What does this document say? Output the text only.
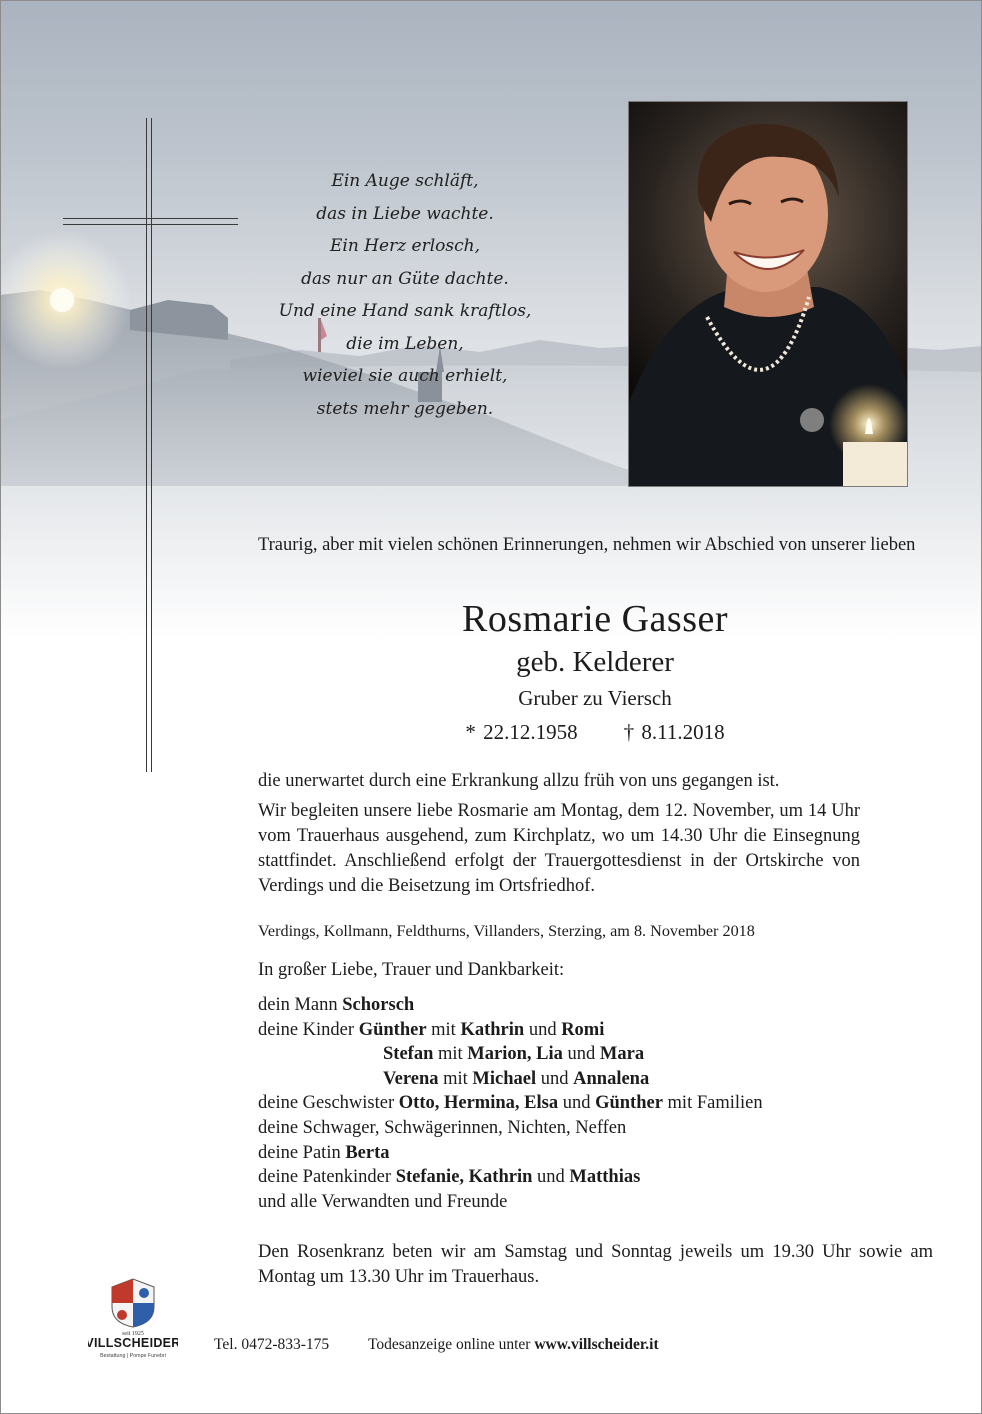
Ein Auge schläft,
das in Liebe wachte.
Ein Herz erlosch,
das nur an Güte dachte.
Und eine Hand sank kraftlos,
die im Leben,
wieviel sie auch erhielt,
stets mehr gegeben.
Traurig, aber mit vielen schönen Erinnerungen, nehmen wir Abschied von unserer lieben
Rosmarie Gasser
geb. Kelderer
Gruber zu Viersch
* 22.12.1958 † 8.11.2018
die unerwartet durch eine Erkrankung allzu früh von uns gegangen ist.
Wir begleiten unsere liebe Rosmarie am Montag, dem 12. November, um 14 Uhr vom Trauerhaus ausgehend, zum Kirchplatz, wo um 14.30 Uhr die Einsegnung stattfindet. Anschließend erfolgt der Trauergottesdienst in der Ortskirche von Verdings und die Beisetzung im Ortsfriedhof.
Verdings, Kollmann, Feldthurns, Villanders, Sterzing, am 8. November 2018
In großer Liebe, Trauer und Dankbarkeit:
dein Mann Schorsch
deine Kinder Günther mit Kathrin und Romi
Stefan mit Marion, Lia und Mara
Verena mit Michael und Annalena
deine Geschwister Otto, Hermina, Elsa und Günther mit Familien
deine Schwager, Schwägerinnen, Nichten, Neffen
deine Patin Berta
deine Patenkinder Stefanie, Kathrin und Matthias
und alle Verwandten und Freunde
Den Rosenkranz beten wir am Samstag und Sonntag jeweils um 19.30 Uhr sowie am Montag um 13.30 Uhr im Trauerhaus.
seit 1925
VILLSCHEIDER
Bestattung | Pompe Funebri
Tel. 0472-833-175	Todesanzeige online unter www.villscheider.it
